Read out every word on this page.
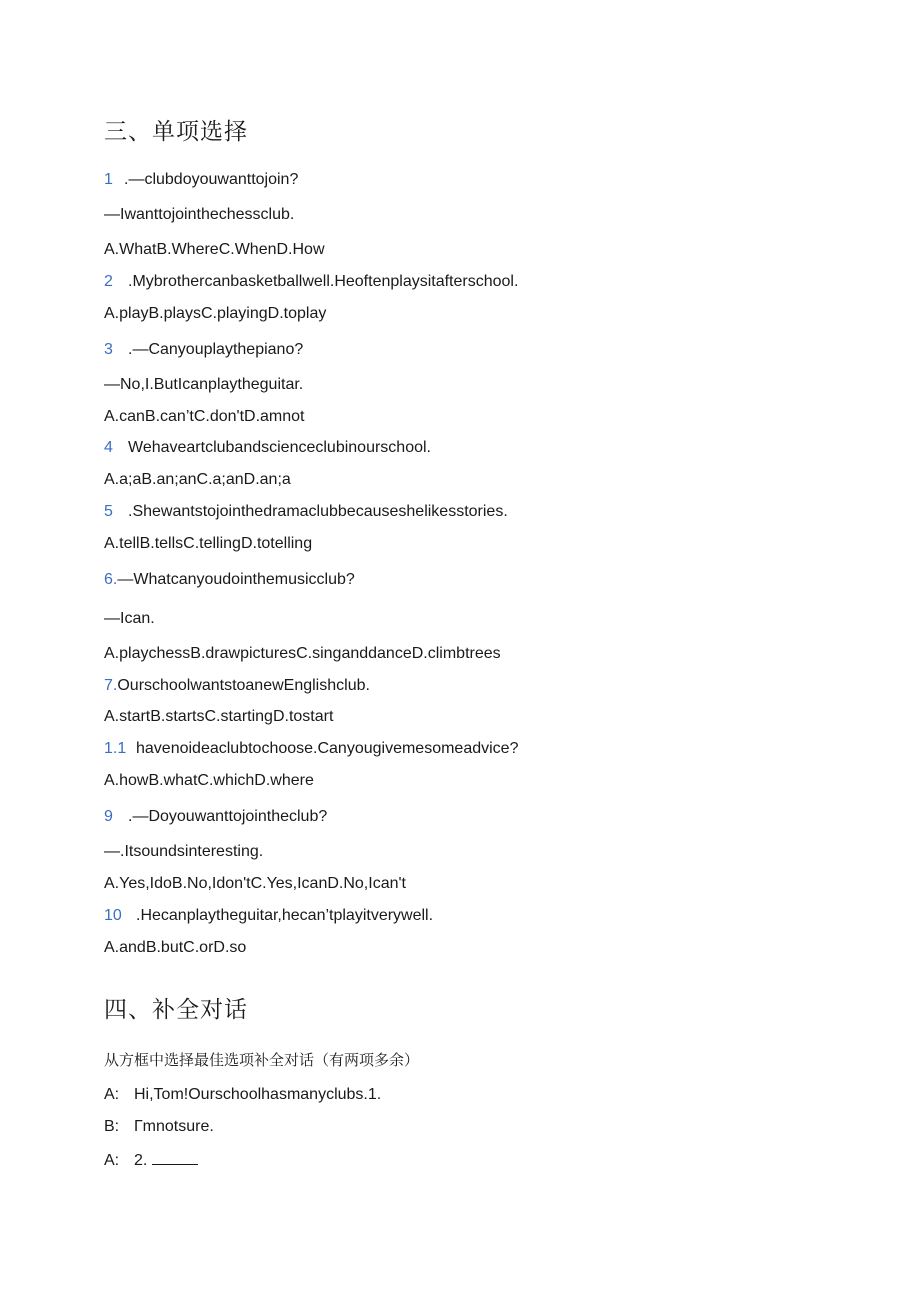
三、单项选择
1 .—clubdoyouwanttojoin?
—Iwanttojointhechessclub.
A.WhatB.WhereC.WhenD.How
2 .Mybrothercanbasketballwell.Heoftenplaysitafterschool.
A.playB.playsC.playingD.toplay
3 .—Canyouplaythepiano?
—No,I.ButIcanplaytheguitar.
A.canB.can’tC.don'tD.amnot
4 Wehaveartclubandscienceclubinourschool.
A.a;aB.an;anC.a;anD.an;a
5 .Shewantstojointhedramaclubbecauseshelikesstories.
A.tellB.tellsC.tellingD.totelling
6.—Whatcanyoudointhemusicclub?
—Ican.
A.playchessB.drawpicturesC.singanddanceD.climbtrees
7.OurschoolwantstoanewEnglishclub.
A.startB.startsC.startingD.tostart
1.1 havenoideaclubtochoose.Canyougivemesomeadvice?
A.howB.whatC.whichD.where
9 .—Doyouwanttojointheclub?
—.Itsoundsinteresting.
A.Yes,IdoB.No,Idon'tC.Yes,IcanD.No,Ican't
10 .Hecanplaytheguitar,hecan’tplayitverywell.
A.andB.butC.orD.so
四、补全对话
从方框中选择最佳选项补全对话（有两项多余）
A: Hi,Tom!Ourschoolhasmanyclubs.1.
B: Гmnotsure.
A: 2.
